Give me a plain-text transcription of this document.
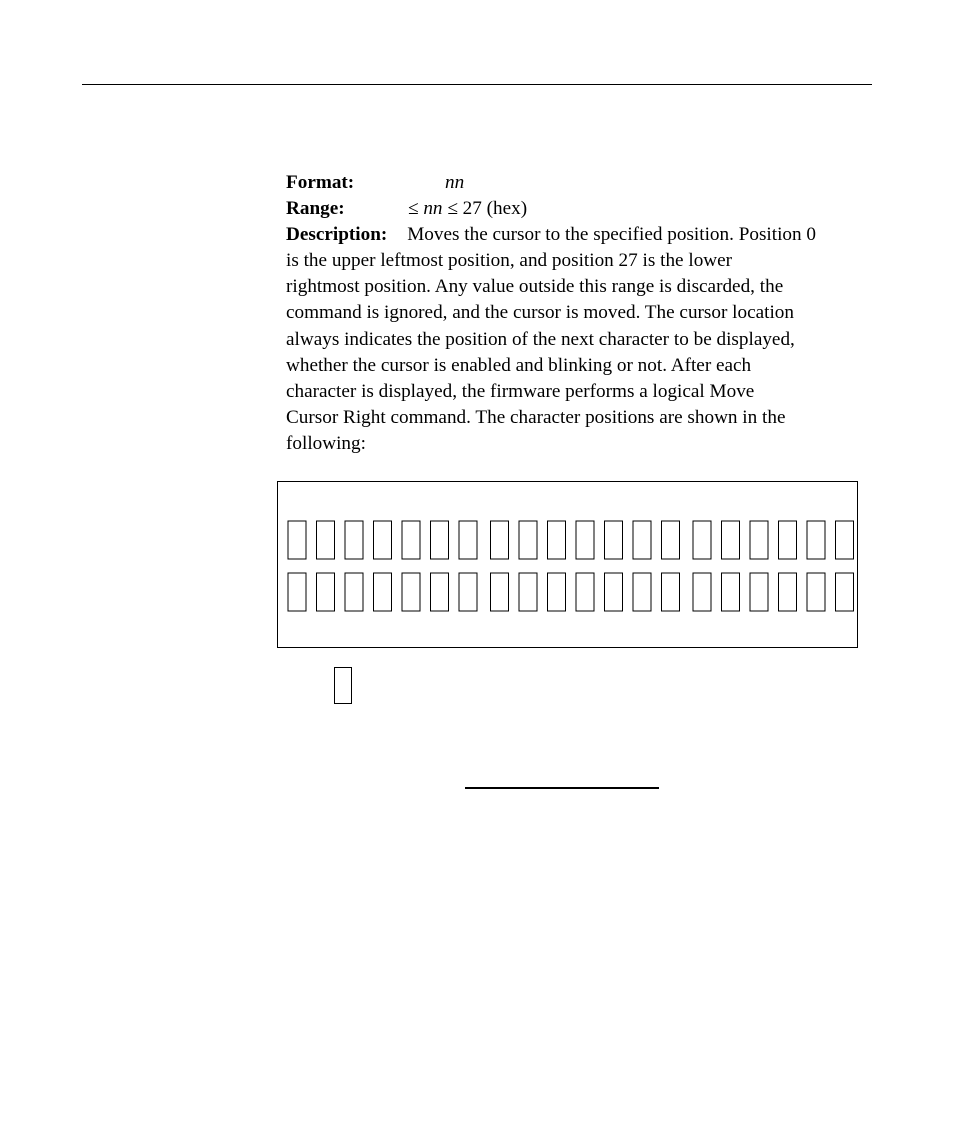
Format:	nn
Range:	≤ nn ≤ 27 (hex)
Description: Moves the cursor to the specified position. Position 0
is the upper leftmost position, and position 27 is the lower
rightmost position. Any value outside this range is discarded, the
command is ignored, and the cursor is moved. The cursor location
always indicates the position of the next character to be displayed,
whether the cursor is enabled and blinking or not. After each
character is displayed, the firmware performs a logical Move
Cursor Right command. The character positions are shown in the
following:
